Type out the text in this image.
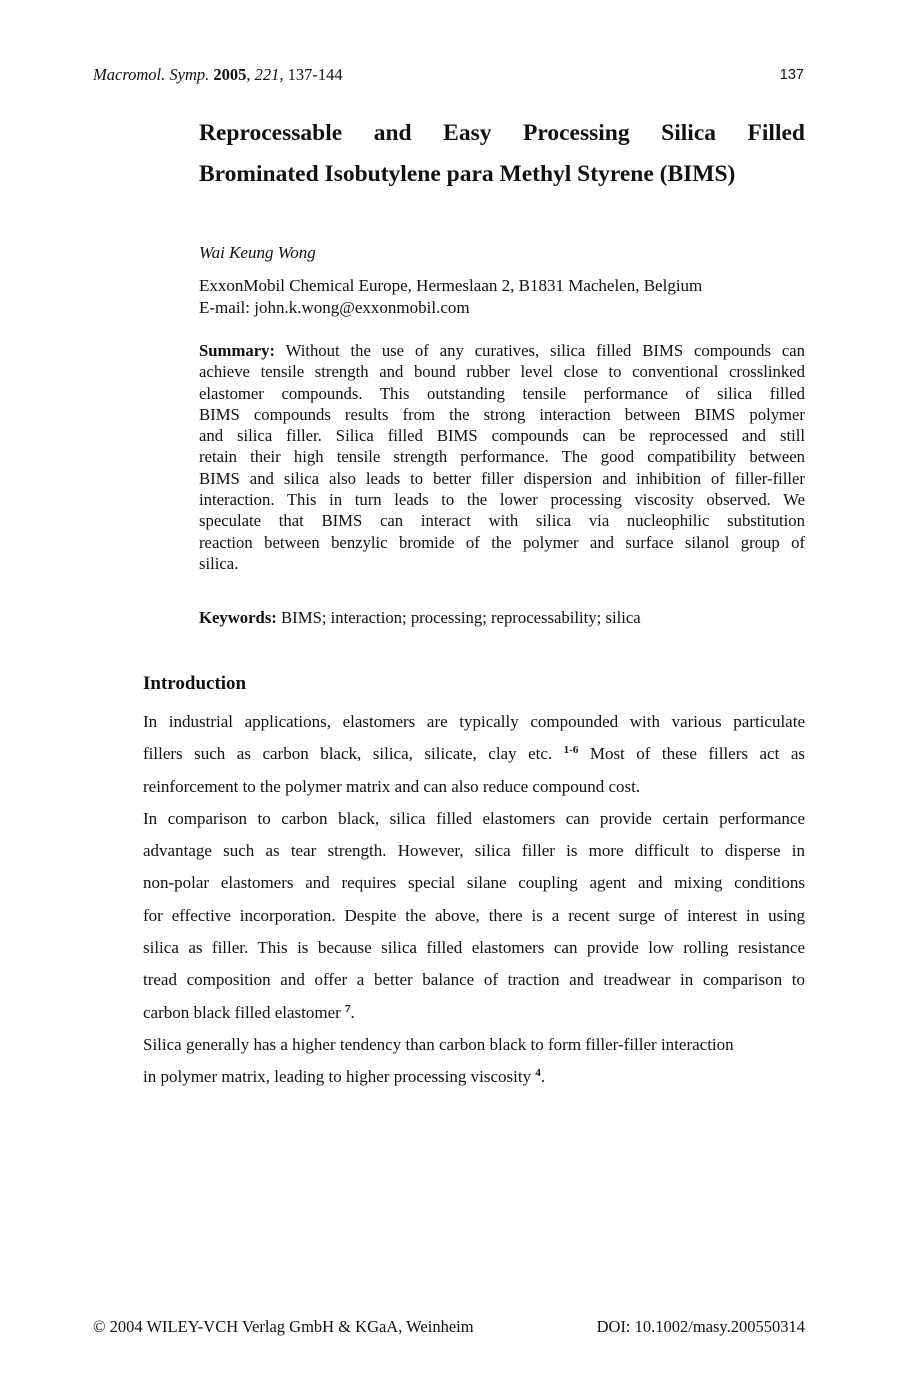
Macromol. Symp. 2005, 221, 137-144	137
Reprocessable and Easy Processing Silica Filled
Brominated Isobutylene para Methyl Styrene (BIMS)
Wai Keung Wong
ExxonMobil Chemical Europe, Hermeslaan 2, B1831 Machelen, Belgium
E-mail: john.k.wong@exxonmobil.com
Summary: Without the use of any curatives, silica filled BIMS compounds can
achieve tensile strength and bound rubber level close to conventional crosslinked
elastomer compounds. This outstanding tensile performance of silica filled
BIMS compounds results from the strong interaction between BIMS polymer
and silica filler. Silica filled BIMS compounds can be reprocessed and still
retain their high tensile strength performance. The good compatibility between
BIMS and silica also leads to better filler dispersion and inhibition of filler-filler
interaction. This in turn leads to the lower processing viscosity observed. We
speculate that BIMS can interact with silica via nucleophilic substitution
reaction between benzylic bromide of the polymer and surface silanol group of
silica.
Keywords: BIMS; interaction; processing; reprocessability; silica
Introduction
In industrial applications, elastomers are typically compounded with various particulate
fillers such as carbon black, silica, silicate, clay etc. $^{1-6}$ Most of these fillers act as
reinforcement to the polymer matrix and can also reduce compound cost.
In comparison to carbon black, silica filled elastomers can provide certain performance
advantage such as tear strength. However, silica filler is more difficult to disperse in
non-polar elastomers and requires special silane coupling agent and mixing conditions
for effective incorporation. Despite the above, there is a recent surge of interest in using
silica as filler. This is because silica filled elastomers can provide low rolling resistance
tread composition and offer a better balance of traction and treadwear in comparison to
carbon black filled elastomer $^7$.
Silica generally has a higher tendency than carbon black to form filler-filler interaction
in polymer matrix, leading to higher processing viscosity $^4$.
© 2004 WILEY-VCH Verlag GmbH & KGaA, Weinheim	DOI: 10.1002/masy.200550314
